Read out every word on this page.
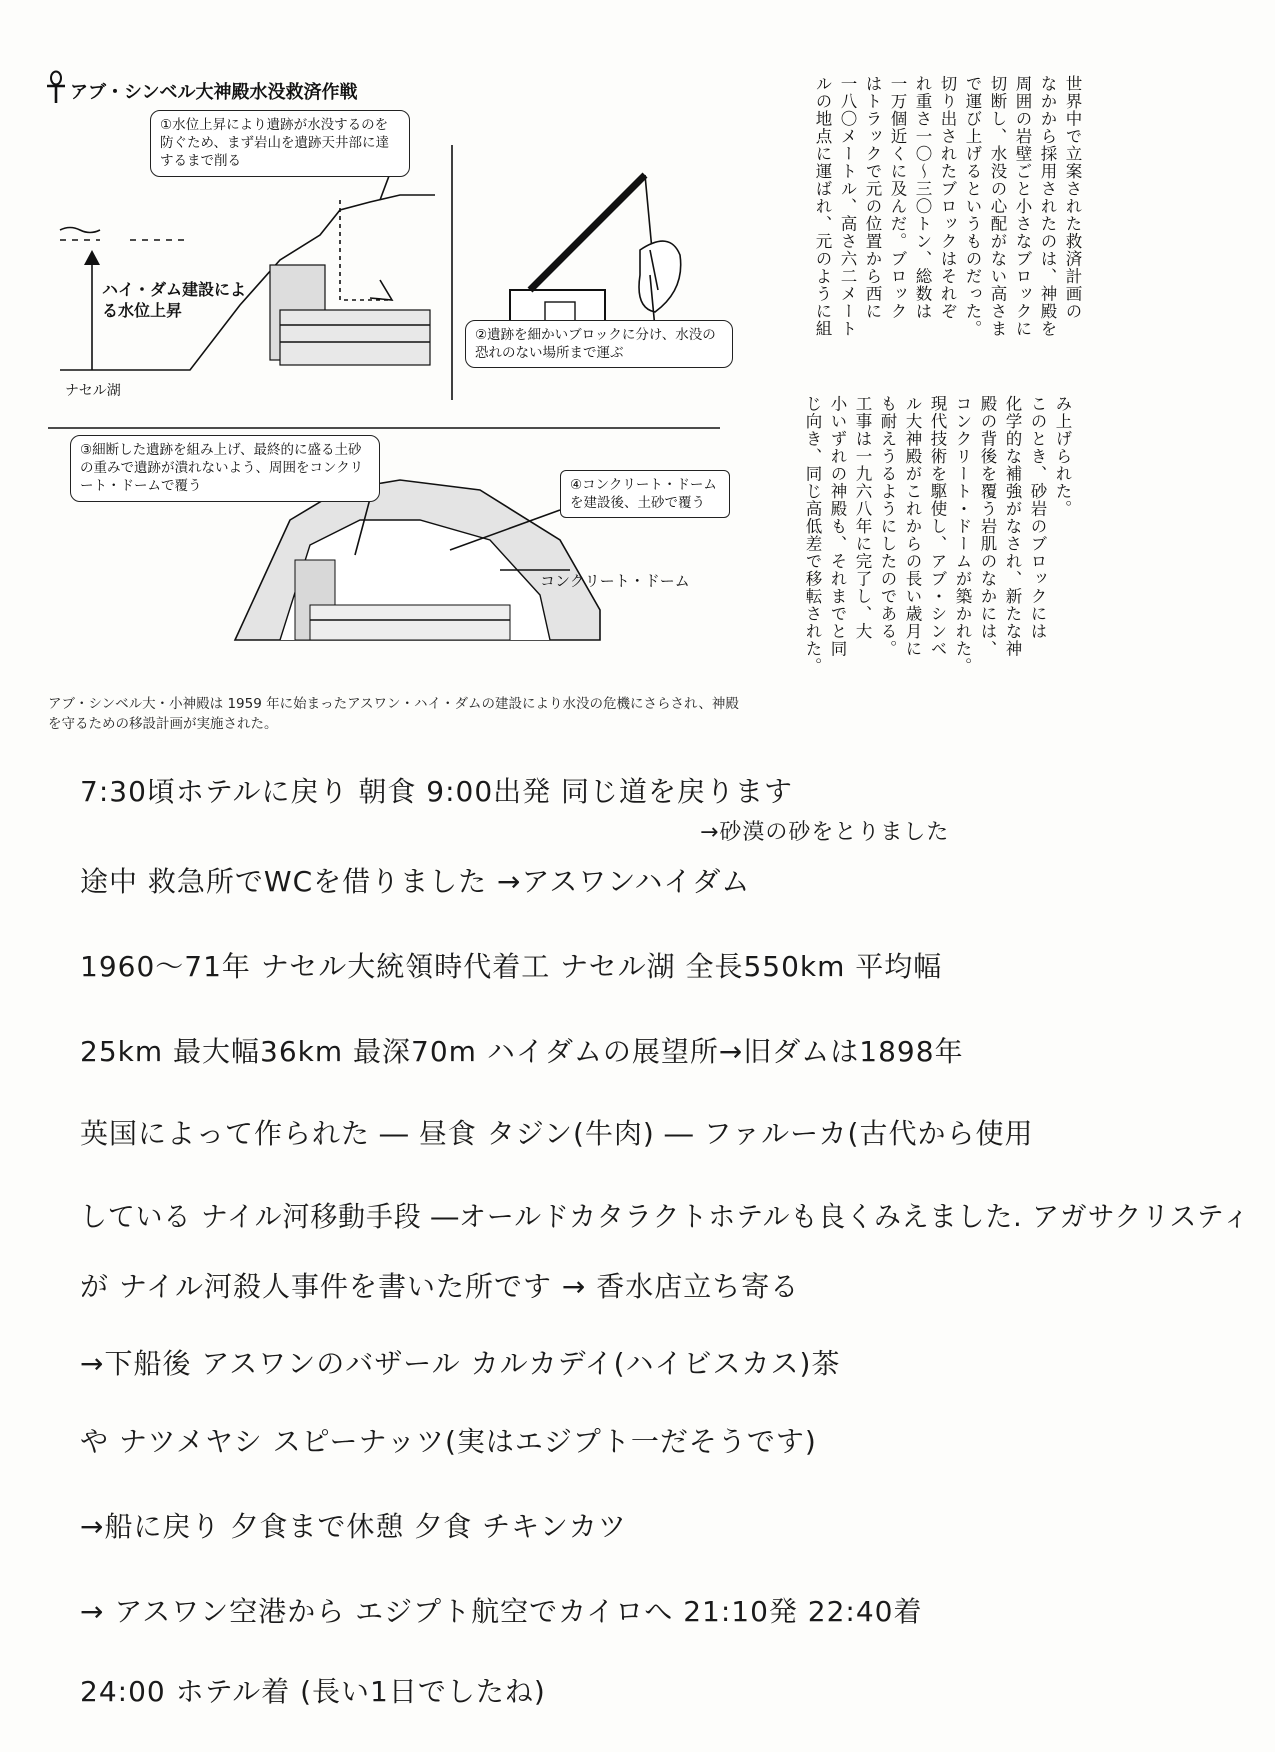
アブ・シンベル大神殿水没救済作戦
①水位上昇により遺跡が水没するのを防ぐため、まず岩山を遺跡天井部に達するまで削る
ハイ・ダム建設による水位上昇
ナセル湖
②遺跡を細かいブロックに分け、水没の恐れのない場所まで運ぶ
③細断した遺跡を組み上げ、最終的に盛る土砂の重みで遺跡が潰れないよう、周囲をコンクリート・ドームで覆う	④コンクリート・ドームを建設後、土砂で覆う
コンクリート・ドーム
アブ・シンベル大・小神殿は 1959 年に始まったアスワン・ハイ・ダムの建設により水没の危機にさらされ、神殿を守るための移設計画が実施された。
世界中で立案された救済計画の
なかから採用されたのは、神殿を
周囲の岩壁ごと小さなブロックに
切断し、水没の心配がない高さま
で運び上げるというものだった。
切り出されたブロックはそれぞ
れ重さ一〇～三〇トン、総数は
一万個近くに及んだ。ブロック
はトラックで元の位置から西に
一八〇メートル、高さ六二メート
ルの地点に運ばれ、元のように組
み上げられた。
このとき、砂岩のブロックには
化学的な補強がなされ、新たな神
殿の背後を覆う岩肌のなかには、
コンクリート・ドームが築かれた。
現代技術を駆使し、アブ・シンベ
ル大神殿がこれからの長い歳月に
も耐えうるようにしたのである。
工事は一九六八年に完了し、大
小いずれの神殿も、それまでと同
じ向き、同じ高低差で移転された。
7:30頃ホテルに戻り 朝食 9:00出発 同じ道を戻ります
→砂漠の砂をとりました
途中 救急所でWCを借りました →アスワンハイダム
1960～71年 ナセル大統領時代着工 ナセル湖 全長550km 平均幅
25km 最大幅36km 最深70m ハイダムの展望所→旧ダムは1898年
英国によって作られた ― 昼食 タジン(牛肉) ― ファルーカ(古代から使用
している ナイル河移動手段 ―オールドカタラクトホテルも良くみえました. アガサクリスティ
が ナイル河殺人事件を書いた所です → 香水店立ち寄る
→下船後 アスワンのバザール カルカデイ(ハイビスカス)茶
や ナツメヤシ スピーナッツ(実はエジプト一だそうです)
→船に戻り 夕食まで休憩 夕食 チキンカツ
→ アスワン空港から エジプト航空でカイロへ 21:10発 22:40着
24:00 ホテル着 (長い1日でしたね)
